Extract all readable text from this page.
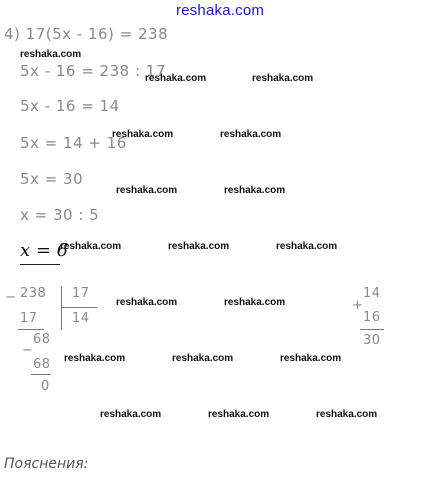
reshaka.com
4) 17(5x - 16) = 238
reshaka.com
5x - 16 = 238 : 17
reshaka.com	reshaka.com
5x - 16 = 14
5x = 14 + 16
reshaka.com	reshaka.com
5x = 30
reshaka.com	reshaka.com
x = 30 : 5
x = 6
reshaka.com	reshaka.com	reshaka.com
− 238 17
14
17
−
68
68
0
reshaka.com	reshaka.com
reshaka.com	reshaka.com	reshaka.com
14
+
16
30
reshaka.com	reshaka.com	reshaka.com
Пояснения:
